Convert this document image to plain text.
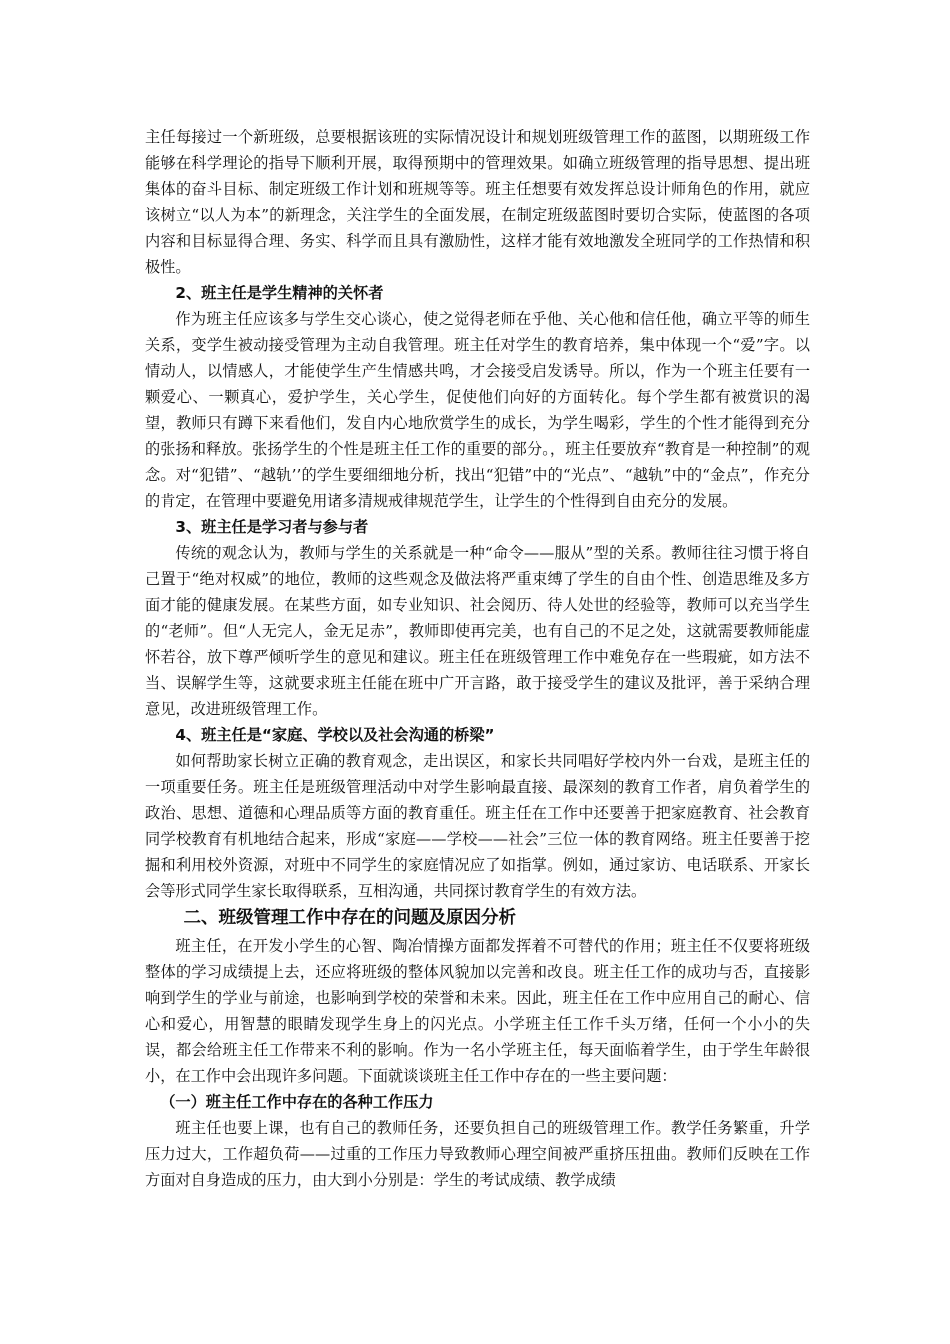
主任每接过一个新班级，总要根据该班的实际情况设计和规划班级管理工作的蓝图，以期班级工作能够在科学理论的指导下顺利开展，取得预期中的管理效果。如确立班级管理的指导思想、提出班集体的奋斗目标、制定班级工作计划和班规等等。班主任想要有效发挥总设计师角色的作用，就应该树立“以人为本”的新理念，关注学生的全面发展，在制定班级蓝图时要切合实际，使蓝图的各项内容和目标显得合理、务实、科学而且具有激励性，这样才能有效地激发全班同学的工作热情和积极性。

2、班主任是学生精神的关怀者

作为班主任应该多与学生交心谈心，使之觉得老师在乎他、关心他和信任他，确立平等的师生关系，变学生被动接受管理为主动自我管理。班主任对学生的教育培养，集中体现一个“爱”字。以情动人，以情感人，才能使学生产生情感共鸣，才会接受启发诱导。所以，作为一个班主任要有一颗爱心、一颗真心，爱护学生，关心学生，促使他们向好的方面转化。每个学生都有被赏识的渴望，教师只有蹲下来看他们，发自内心地欣赏学生的成长，为学生喝彩，学生的个性才能得到充分的张扬和释放。张扬学生的个性是班主任工作的重要的部分。，班主任要放弃“教育是一种控制”的观念。对“犯错”、“越轨’’的学生要细细地分析，找出“犯错”中的“光点”、“越轨”中的“金点”，作充分的肯定，在管理中要避免用诸多清规戒律规范学生，让学生的个性得到自由充分的发展。

3、班主任是学习者与参与者

传统的观念认为，教师与学生的关系就是一种“命令——服从”型的关系。教师往往习惯于将自己置于“绝对权威”的地位，教师的这些观念及做法将严重束缚了学生的自由个性、创造思维及多方面才能的健康发展。在某些方面，如专业知识、社会阅历、待人处世的经验等，教师可以充当学生的“老师”。但“人无完人，金无足赤”，教师即使再完美，也有自己的不足之处，这就需要教师能虚怀若谷，放下尊严倾听学生的意见和建议。班主任在班级管理工作中难免存在一些瑕疵，如方法不当、误解学生等，这就要求班主任能在班中广开言路，敢于接受学生的建议及批评，善于采纳合理意见，改进班级管理工作。

4、班主任是“家庭、学校以及社会沟通的桥梁”

如何帮助家长树立正确的教育观念，走出误区，和家长共同唱好学校内外一台戏，是班主任的一项重要任务。班主任是班级管理活动中对学生影响最直接、最深刻的教育工作者，肩负着学生的政治、思想、道德和心理品质等方面的教育重任。班主任在工作中还要善于把家庭教育、社会教育同学校教育有机地结合起来，形成“家庭——学校——社会”三位一体的教育网络。班主任要善于挖掘和利用校外资源，对班中不同学生的家庭情况应了如指掌。例如，通过家访、电话联系、开家长会等形式同学生家长取得联系，互相沟通，共同探讨教育学生的有效方法。

二、班级管理工作中存在的问题及原因分析

班主任，在开发小学生的心智、陶冶情操方面都发挥着不可替代的作用；班主任不仅要将班级整体的学习成绩提上去，还应将班级的整体风貌加以完善和改良。班主任工作的成功与否，直接影响到学生的学业与前途，也影响到学校的荣誉和未来。因此，班主任在工作中应用自己的耐心、信心和爱心，用智慧的眼睛发现学生身上的闪光点。小学班主任工作千头万绪，任何一个小小的失误，都会给班主任工作带来不利的影响。作为一名小学班主任，每天面临着学生，由于学生年龄很小，在工作中会出现许多问题。下面就谈谈班主任工作中存在的一些主要问题：

（一）班主任工作中存在的各种工作压力

班主任也要上课，也有自己的教师任务，还要负担自己的班级管理工作。教学任务繁重，升学压力过大，工作超负荷——过重的工作压力导致教师心理空间被严重挤压扭曲。教师们反映在工作方面对自身造成的压力，由大到小分别是：学生的考试成绩、教学成绩
